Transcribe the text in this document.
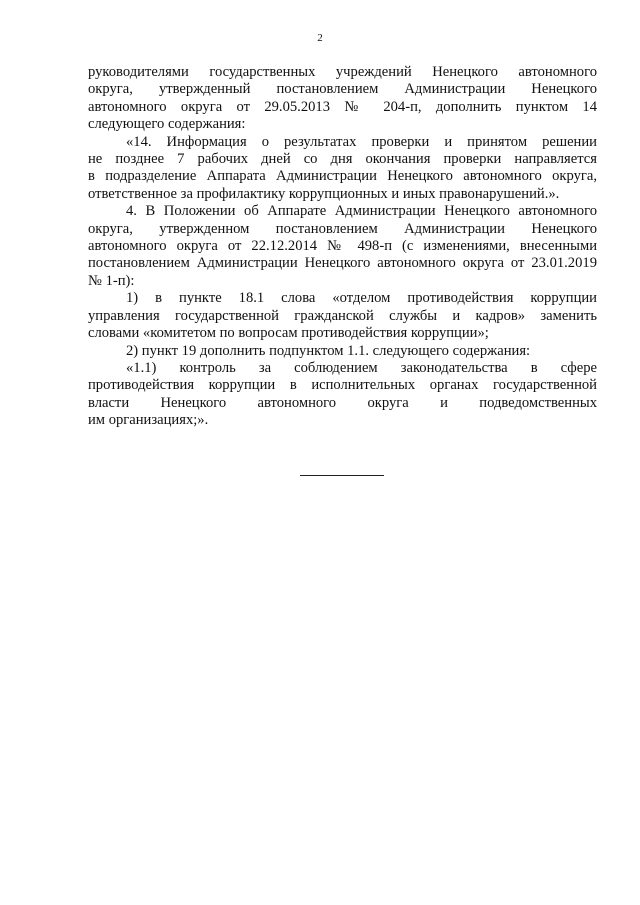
2

руководителями государственных учреждений Ненецкого автономного
округа, утвержденный постановлением Администрации Ненецкого
автономного округа от 29.05.2013 № 204-п, дополнить пунктом 14
следующего содержания:

«14. Информация о результатах проверки и принятом решении
не позднее 7 рабочих дней со дня окончания проверки направляется
в подразделение Аппарата Администрации Ненецкого автономного округа,
ответственное за профилактику коррупционных и иных правонарушений.».

4. В Положении об Аппарате Администрации Ненецкого автономного
округа, утвержденном постановлением Администрации Ненецкого
автономного округа от 22.12.2014 № 498-п (с изменениями, внесенными
постановлением Администрации Ненецкого автономного округа от 23.01.2019
№ 1-п):

1) в пункте 18.1 слова «отделом противодействия коррупции
управления государственной гражданской службы и кадров» заменить
словами «комитетом по вопросам противодействия коррупции»;

2) пункт 19 дополнить подпунктом 1.1. следующего содержания:

«1.1) контроль за соблюдением законодательства в сфере
противодействия коррупции в исполнительных органах государственной
власти Ненецкого автономного округа и подведомственных
им организациях;».
